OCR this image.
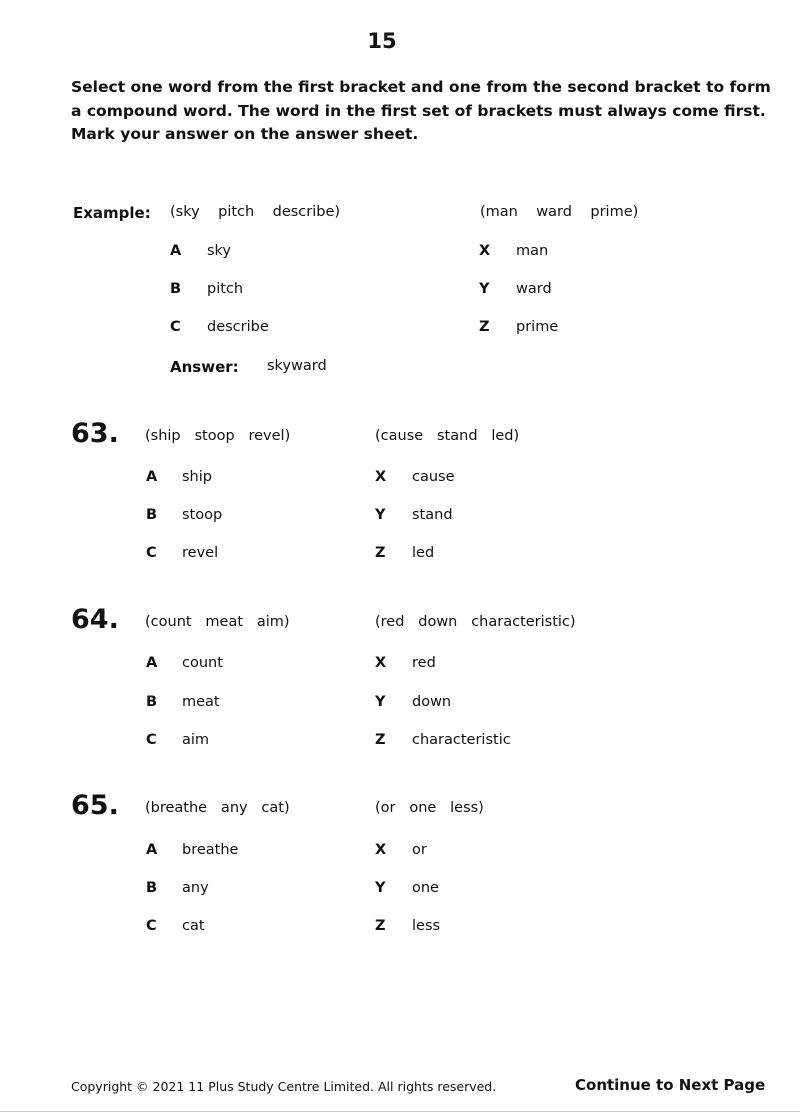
15
Select one word from the first bracket and one from the second bracket to form a compound word. The word in the first set of brackets must always come first. Mark your answer on the answer sheet.
Example: (sky    pitch    describe)	(man    ward    prime)
A sky
B pitch
C describe
X man
Y ward
Z prime
Answer: skyward
63. (ship   stoop   revel)	(cause   stand   led)
A ship
B stoop
C revel
X cause
Y stand
Z led
64. (count   meat   aim)	(red   down   characteristic)
A count
B meat
C aim
X red
Y down
Z characteristic
65. (breathe   any   cat)	(or   one   less)
A breathe
B any
C cat
X or
Y one
Z less
Copyright © 2021 11 Plus Study Centre Limited. All rights reserved.	Continue to Next Page
